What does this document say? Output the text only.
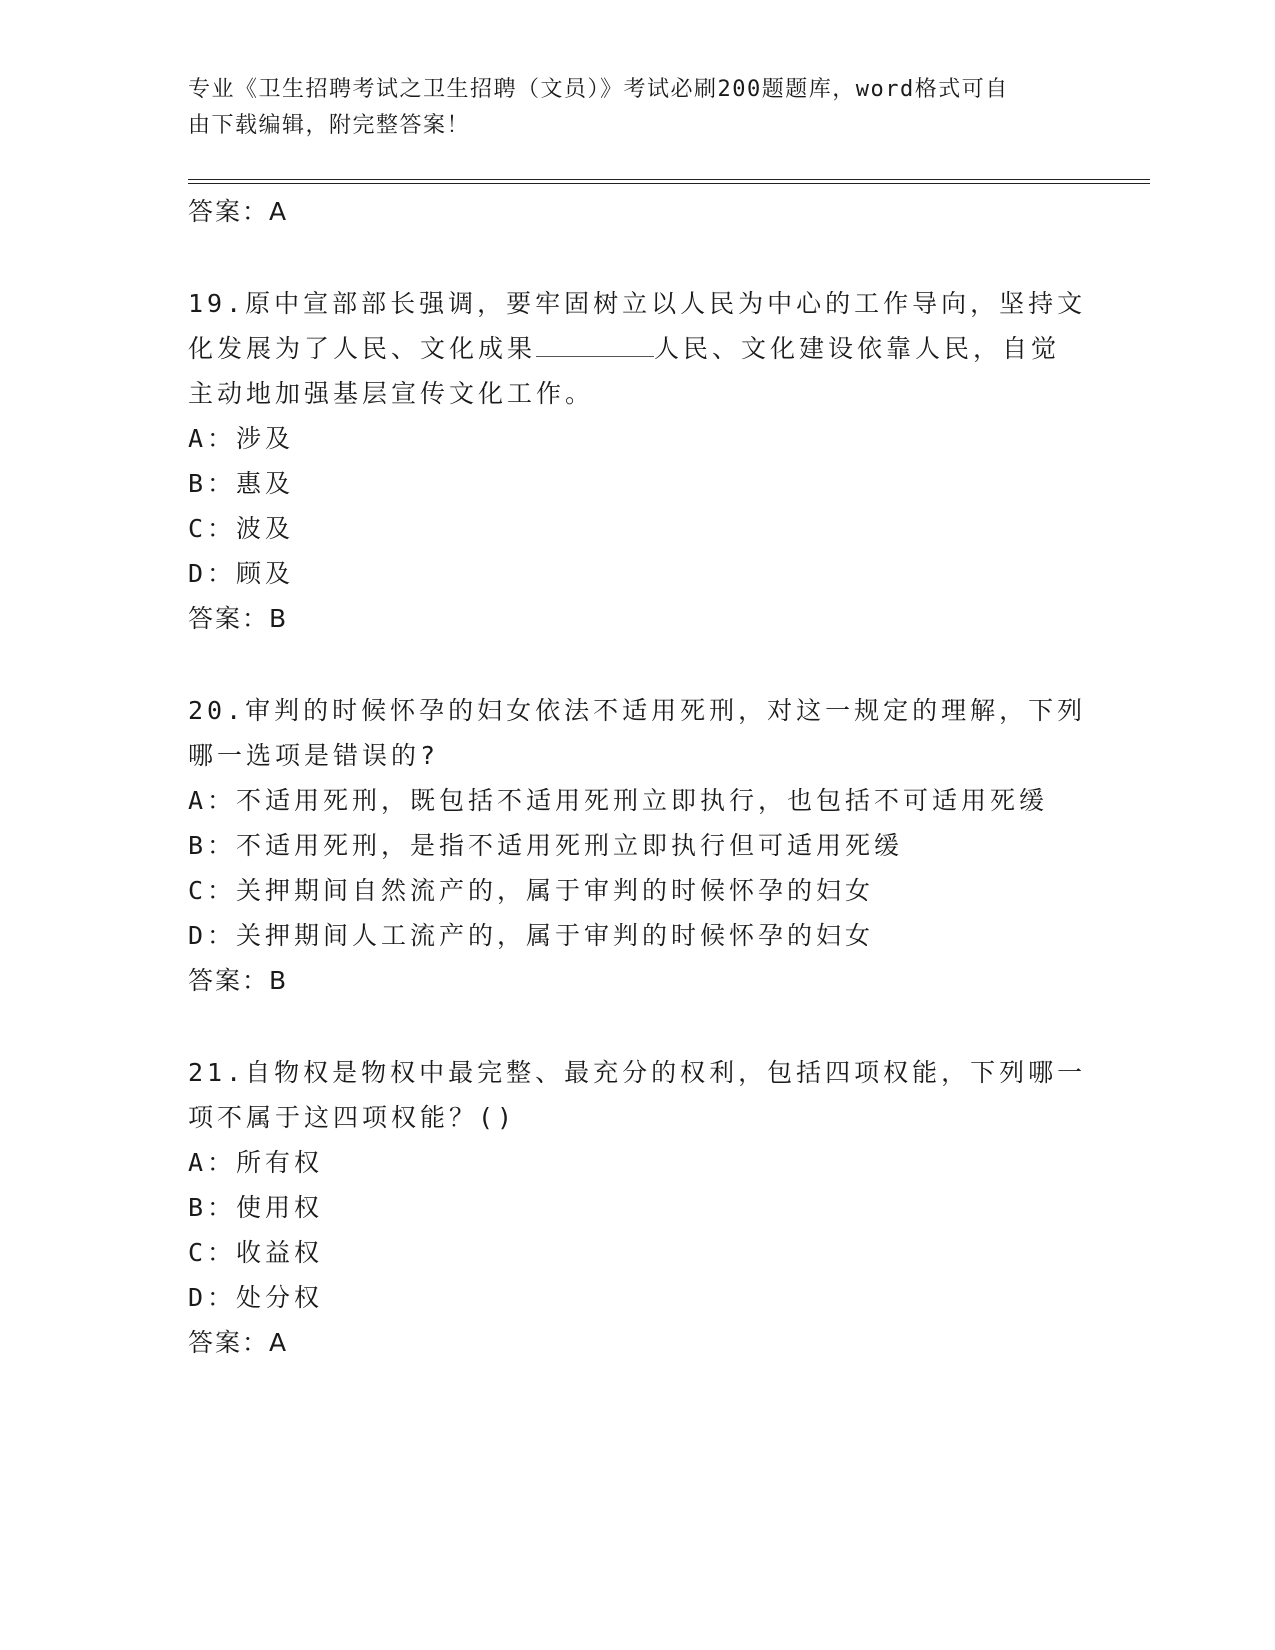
专业《卫生招聘考试之卫生招聘（文员）》考试必刷200题题库，word格式可自
由下载编辑，附完整答案！
答案：A

19.原中宣部部长强调，要牢固树立以人民为中心的工作导向，坚持文

化发展为了人民、文化成果	人民、文化建设依靠人民，自觉

主动地加强基层宣传文化工作。

A：涉及

B：惠及

C：波及

D：顾及

答案：B

20.审判的时候怀孕的妇女依法不适用死刑，对这一规定的理解，下列

哪一选项是错误的?

A：不适用死刑，既包括不适用死刑立即执行，也包括不可适用死缓

B：不适用死刑，是指不适用死刑立即执行但可适用死缓

C：关押期间自然流产的，属于审判的时候怀孕的妇女

D：关押期间人工流产的，属于审判的时候怀孕的妇女

答案：B

21.自物权是物权中最完整、最充分的权利，包括四项权能，下列哪一

项不属于这四项权能？()

A：所有权

B：使用权

C：收益权

D：处分权

答案：A
